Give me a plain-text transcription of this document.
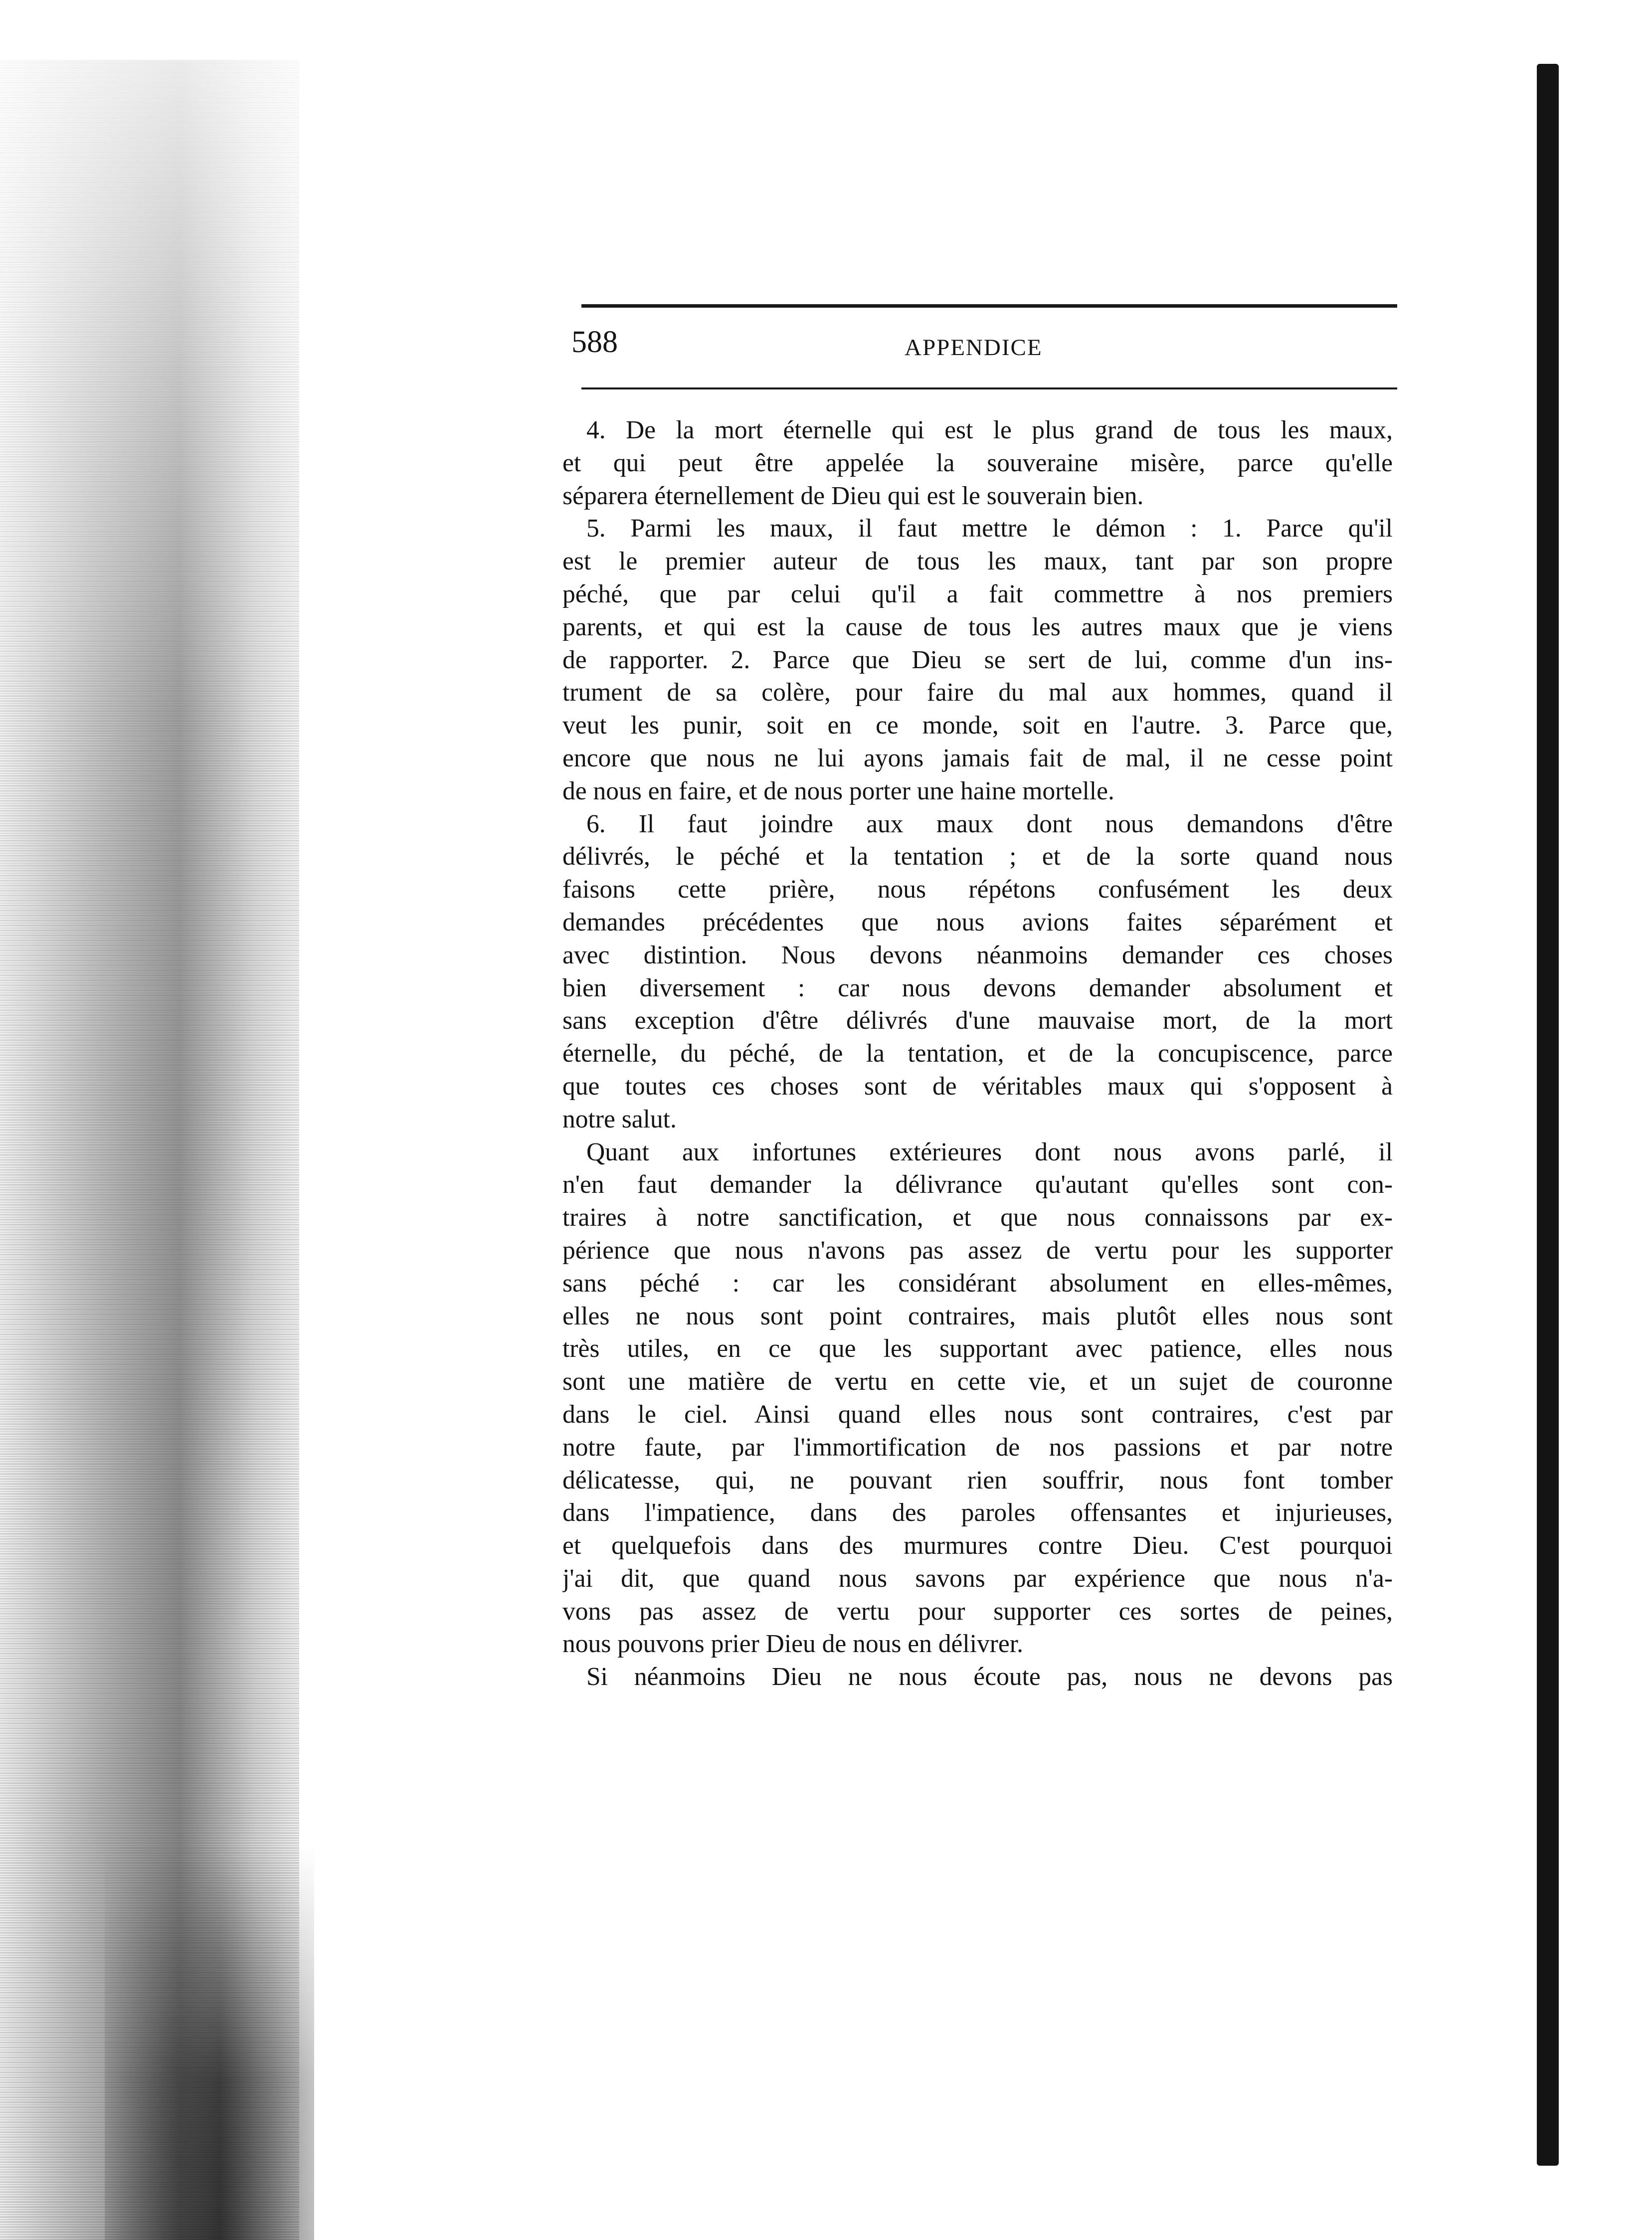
588	APPENDICE
4. De la mort éternelle qui est le plus grand de tous les maux,
et qui peut être appelée la souveraine misère, parce qu'elle
séparera éternellement de Dieu qui est le souverain bien.
5. Parmi les maux, il faut mettre le démon : 1. Parce qu'il
est le premier auteur de tous les maux, tant par son propre
péché, que par celui qu'il a fait commettre à nos premiers
parents, et qui est la cause de tous les autres maux que je viens
de rapporter. 2. Parce que Dieu se sert de lui, comme d'un ins-
trument de sa colère, pour faire du mal aux hommes, quand il
veut les punir, soit en ce monde, soit en l'autre. 3. Parce que,
encore que nous ne lui ayons jamais fait de mal, il ne cesse point
de nous en faire, et de nous porter une haine mortelle.
6. Il faut joindre aux maux dont nous demandons d'être
délivrés, le péché et la tentation ; et de la sorte quand nous
faisons cette prière, nous répétons confusément les deux
demandes précédentes que nous avions faites séparément et
avec distintion. Nous devons néanmoins demander ces choses
bien diversement : car nous devons demander absolument et
sans exception d'être délivrés d'une mauvaise mort, de la mort
éternelle, du péché, de la tentation, et de la concupiscence, parce
que toutes ces choses sont de véritables maux qui s'opposent à
notre salut.
Quant aux infortunes extérieures dont nous avons parlé, il
n'en faut demander la délivrance qu'autant qu'elles sont con-
traires à notre sanctification, et que nous connaissons par ex-
périence que nous n'avons pas assez de vertu pour les supporter
sans péché : car les considérant absolument en elles-mêmes,
elles ne nous sont point contraires, mais plutôt elles nous sont
très utiles, en ce que les supportant avec patience, elles nous
sont une matière de vertu en cette vie, et un sujet de couronne
dans le ciel. Ainsi quand elles nous sont contraires, c'est par
notre faute, par l'immortification de nos passions et par notre
délicatesse, qui, ne pouvant rien souffrir, nous font tomber
dans l'impatience, dans des paroles offensantes et injurieuses,
et quelquefois dans des murmures contre Dieu. C'est pourquoi
j'ai dit, que quand nous savons par expérience que nous n'a-
vons pas assez de vertu pour supporter ces sortes de peines,
nous pouvons prier Dieu de nous en délivrer.
Si néanmoins Dieu ne nous écoute pas, nous ne devons pas
